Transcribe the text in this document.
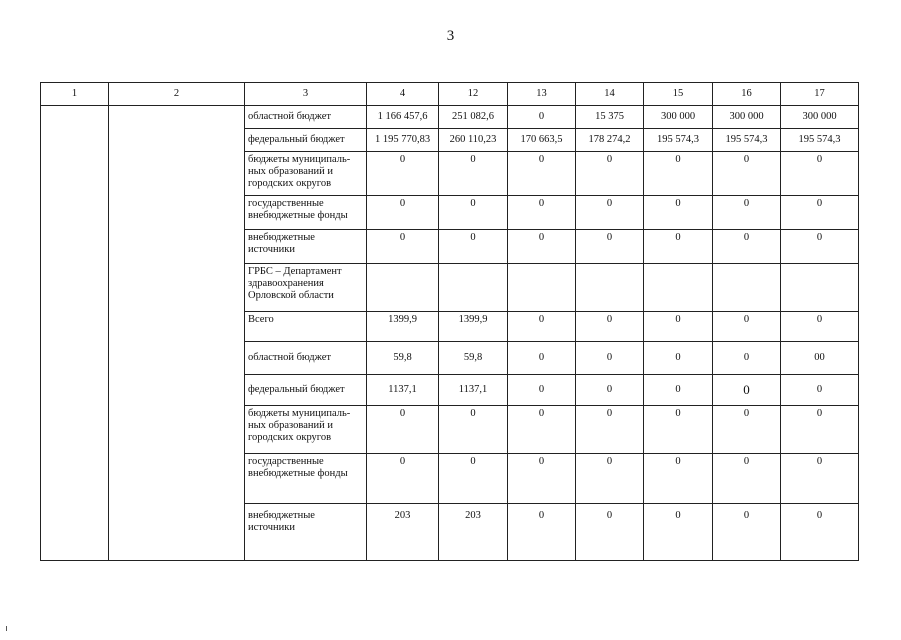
3
1	2	3	4	12	13	14	15	16	17
		областной бюджет	1 166 457,6	251 082,6	0	15 375	300 000	300 000	300 000
		федеральный бюджет	1 195 770,83	260 110,23	170 663,5	178 274,2	195 574,3	195 574,3	195 574,3
		бюджеты муниципаль-ных образований и городских округов	0	0	0	0	0	0	0
		государственные внебюджетные фонды	0	0	0	0	0	0	0
		внебюджетные источники	0	0	0	0	0	0	0
		ГРБС – Департамент здравоохранения Орловской области							
		Всего	1399,9	1399,9	0	0	0	0	0
		областной бюджет	59,8	59,8	0	0	0	0	00
		федеральный бюджет	1137,1	1137,1	0	0	0	0	0
		бюджеты муниципаль-ных образований и городских округов	0	0	0	0	0	0	0
		государственные внебюджетные фонды	0	0	0	0	0	0	0
		внебюджетные источники	203	203	0	0	0	0	0
